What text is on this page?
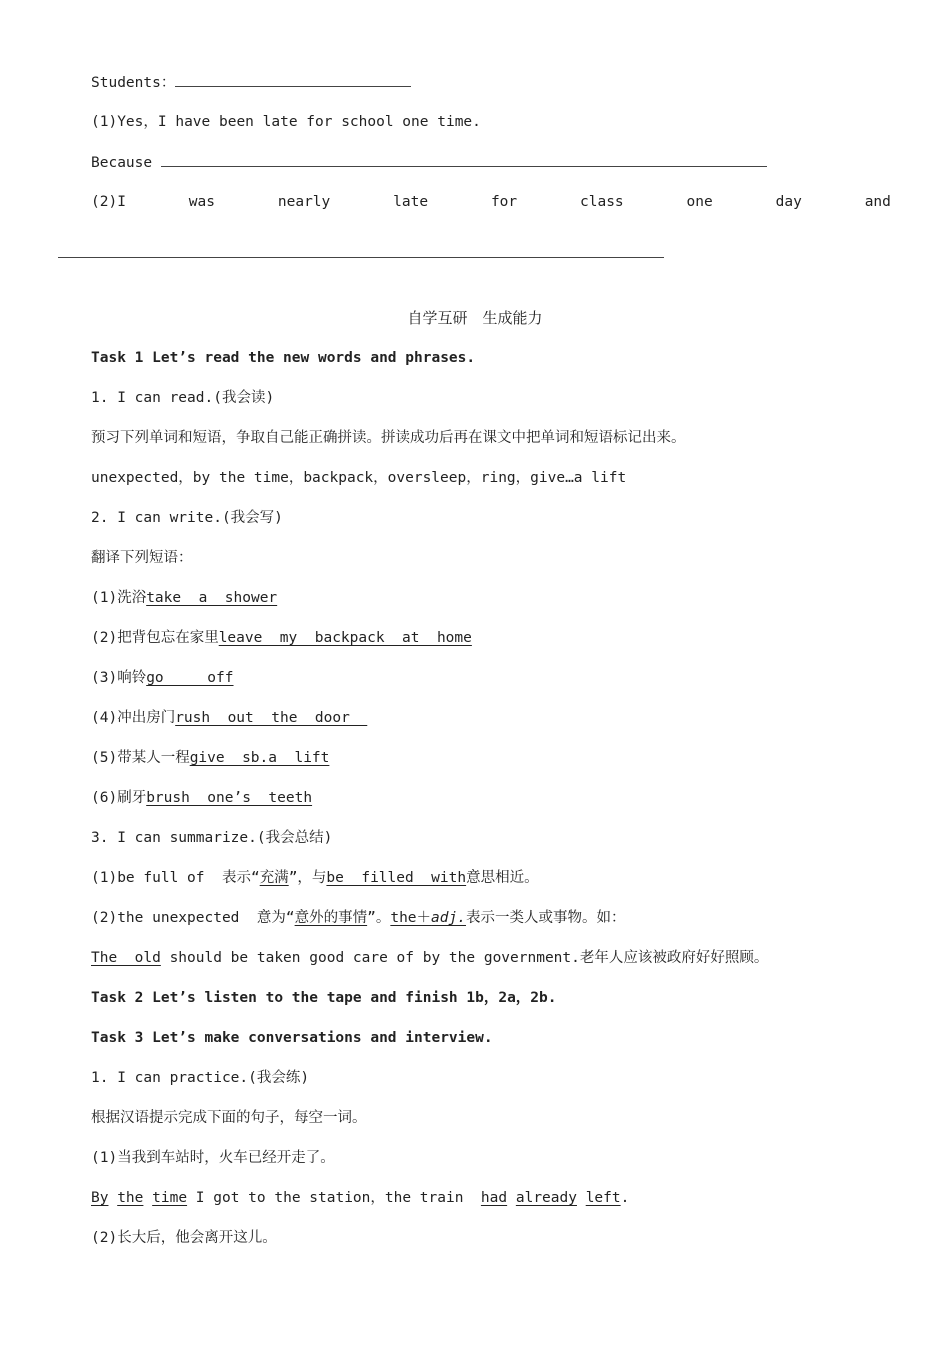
Students：
(1)Yes，I have been late for school one time.
Because
(2)I	was	nearly	late	for	class	one	day	and
自学互研　生成能力
Task 1 Let’s read the new words and phrases.
1. I can read.(我会读)
预习下列单词和短语，争取自己能正确拼读。拼读成功后再在课文中把单词和短语标记出来。
unexpected，by the time，backpack，oversleep，ring，give…a lift
2. I can write.(我会写)
翻译下列短语：
(1)洗浴take  a  shower
(2)把背包忘在家里leave  my  backpack  at  home
(3)响铃go     off
(4)冲出房门rush  out  the  door
(5)带某人一程give  sb.a  lift
(6)刷牙brush  one’s  teeth
3. I can summarize.(我会总结)
(1)be full of  表示“充满”，与be  filled  with意思相近。
(2)the unexpected  意为“意外的事情”。the＋adj.表示一类人或事物。如：
The  old should be taken good care of by the government.老年人应该被政府好好照顾。
Task 2 Let’s listen to the tape and finish 1b，2a，2b.
Task 3 Let’s make conversations and interview.
1. I can practice.(我会练)
根据汉语提示完成下面的句子，每空一词。
(1)当我到车站时，火车已经开走了。
By the time I got to the station，the train  had already left.
(2)长大后，他会离开这儿。
